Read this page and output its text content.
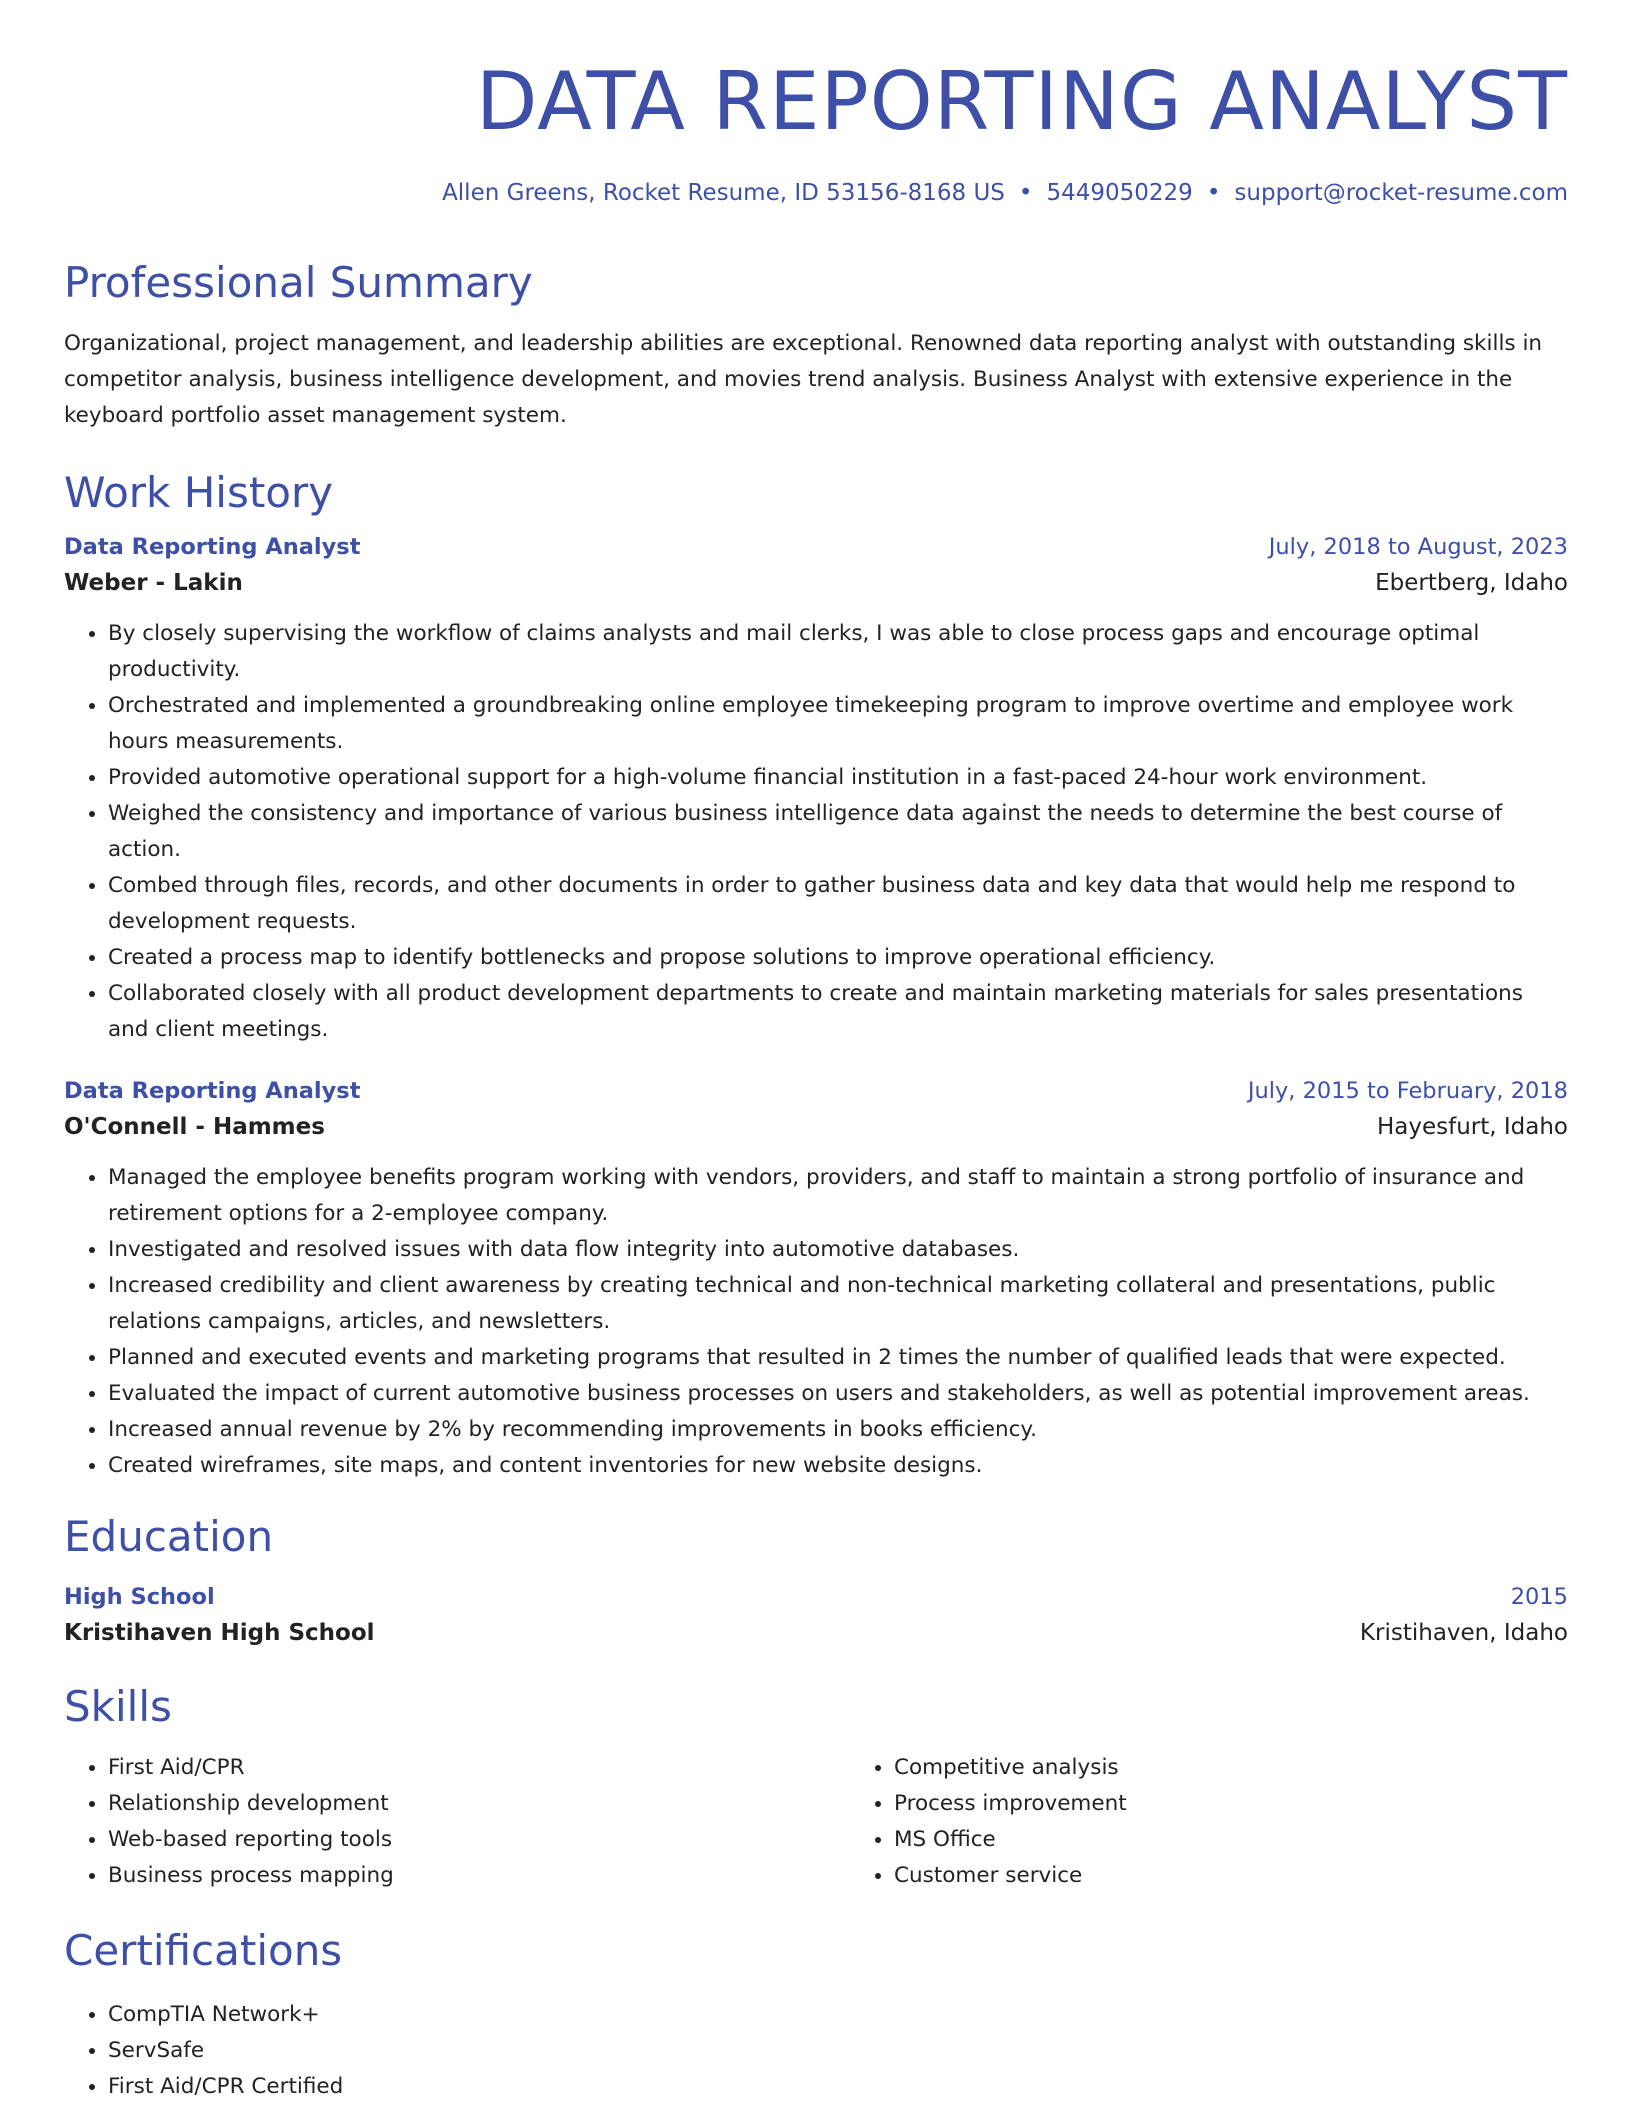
DATA REPORTING ANALYST
Allen Greens, Rocket Resume, ID 53156-8168 US • 5449050229 • support@rocket-resume.com
Professional Summary
Organizational, project management, and leadership abilities are exceptional. Renowned data reporting analyst with outstanding skills in competitor analysis, business intelligence development, and movies trend analysis. Business Analyst with extensive experience in the keyboard portfolio asset management system.
Work History
Data Reporting Analyst	July, 2018 to August, 2023
Weber - Lakin	Ebertberg, Idaho
• By closely supervising the workflow of claims analysts and mail clerks, I was able to close process gaps and encourage optimal productivity.
• Orchestrated and implemented a groundbreaking online employee timekeeping program to improve overtime and employee work hours measurements.
• Provided automotive operational support for a high-volume financial institution in a fast-paced 24-hour work environment.
• Weighed the consistency and importance of various business intelligence data against the needs to determine the best course of action.
• Combed through files, records, and other documents in order to gather business data and key data that would help me respond to development requests.
• Created a process map to identify bottlenecks and propose solutions to improve operational efficiency.
• Collaborated closely with all product development departments to create and maintain marketing materials for sales presentations and client meetings.
Data Reporting Analyst	July, 2015 to February, 2018
O'Connell - Hammes	Hayesfurt, Idaho
• Managed the employee benefits program working with vendors, providers, and staff to maintain a strong portfolio of insurance and retirement options for a 2-employee company.
• Investigated and resolved issues with data flow integrity into automotive databases.
• Increased credibility and client awareness by creating technical and non-technical marketing collateral and presentations, public relations campaigns, articles, and newsletters.
• Planned and executed events and marketing programs that resulted in 2 times the number of qualified leads that were expected.
• Evaluated the impact of current automotive business processes on users and stakeholders, as well as potential improvement areas.
• Increased annual revenue by 2% by recommending improvements in books efficiency.
• Created wireframes, site maps, and content inventories for new website designs.
Education
High School	2015
Kristihaven High School	Kristihaven, Idaho
Skills
• First Aid/CPR
• Relationship development
• Web-based reporting tools
• Business process mapping
• Competitive analysis
• Process improvement
• MS Office
• Customer service
Certifications
• CompTIA Network+
• ServSafe
• First Aid/CPR Certified
